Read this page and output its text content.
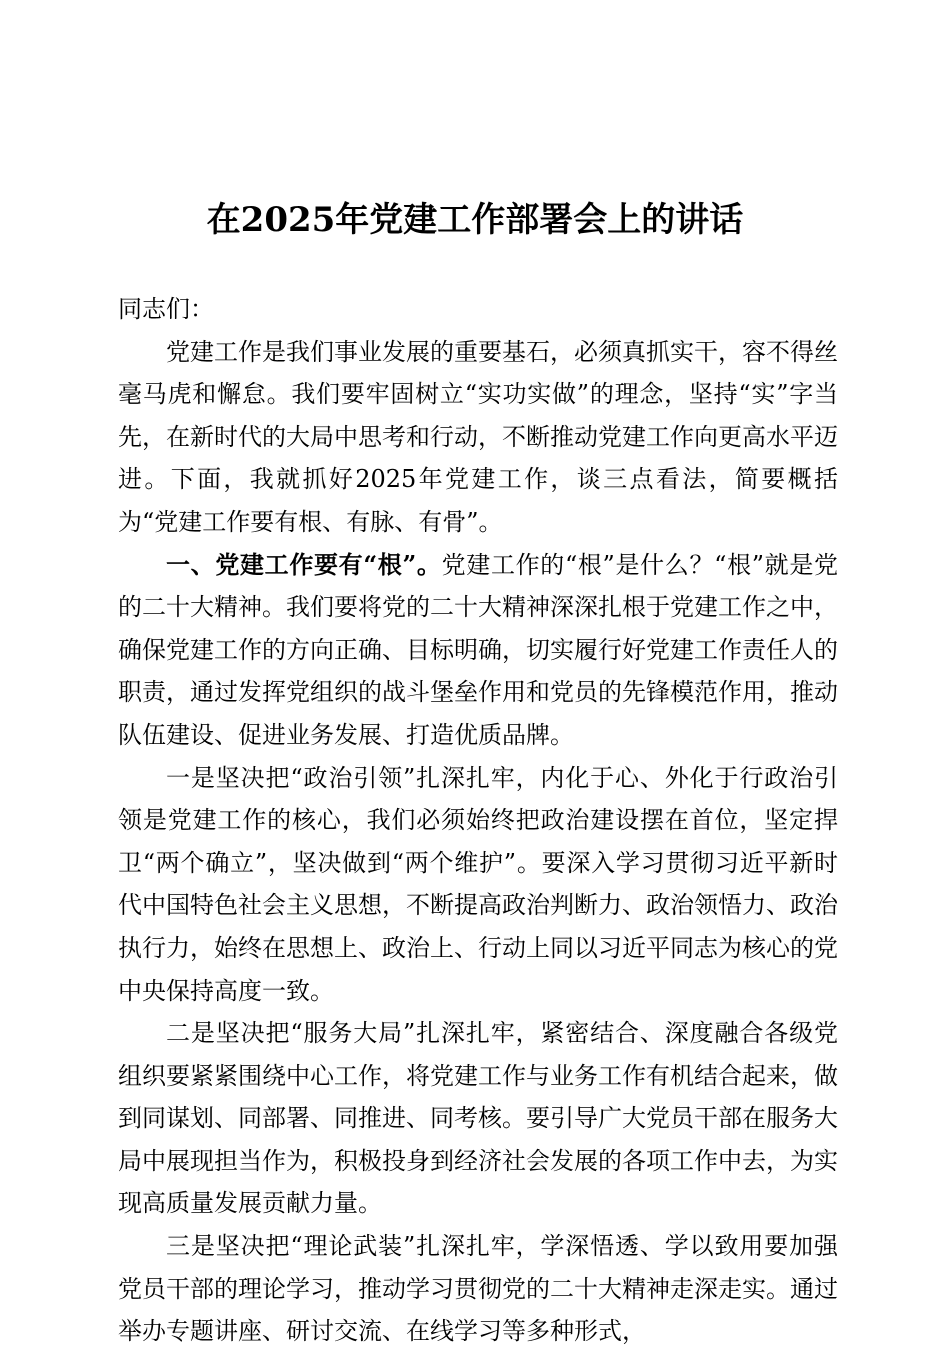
在2025年党建工作部署会上的讲话

同志们：

党建工作是我们事业发展的重要基石，必须真抓实干，容不得丝毫马虎和懈怠。我们要牢固树立“实功实做”的理念，坚持“实”字当先，在新时代的大局中思考和行动，不断推动党建工作向更高水平迈进。下面，我就抓好2025年党建工作，谈三点看法，简要概括为“党建工作要有根、有脉、有骨”。

一、党建工作要有“根”。党建工作的“根”是什么？“根”就是党的二十大精神。我们要将党的二十大精神深深扎根于党建工作之中，确保党建工作的方向正确、目标明确，切实履行好党建工作责任人的职责，通过发挥党组织的战斗堡垒作用和党员的先锋模范作用，推动队伍建设、促进业务发展、打造优质品牌。

一是坚决把“政治引领”扎深扎牢，内化于心、外化于行政治引领是党建工作的核心，我们必须始终把政治建设摆在首位，坚定捍卫“两个确立”，坚决做到“两个维护”。要深入学习贯彻习近平新时代中国特色社会主义思想，不断提高政治判断力、政治领悟力、政治执行力，始终在思想上、政治上、行动上同以习近平同志为核心的党中央保持高度一致。

二是坚决把“服务大局”扎深扎牢，紧密结合、深度融合各级党组织要紧紧围绕中心工作，将党建工作与业务工作有机结合起来，做到同谋划、同部署、同推进、同考核。要引导广大党员干部在服务大局中展现担当作为，积极投身到经济社会发展的各项工作中去，为实现高质量发展贡献力量。

三是坚决把“理论武装”扎深扎牢，学深悟透、学以致用要加强党员干部的理论学习，推动学习贯彻党的二十大精神走深走实。通过举办专题讲座、研讨交流、在线学习等多种形式，
